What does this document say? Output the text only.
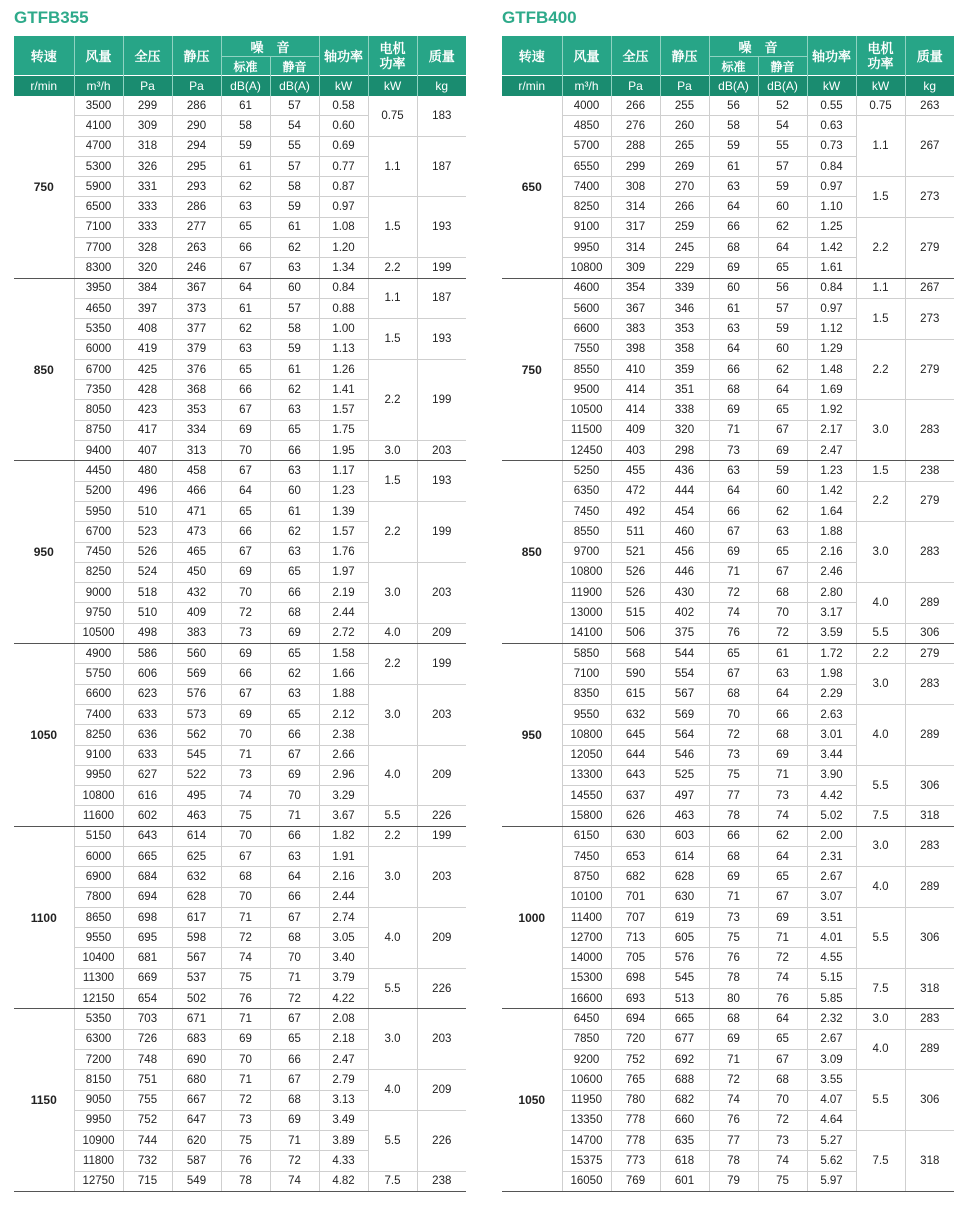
GTFB355
转速	风量	全压	静压	噪　音		轴功率	电机
功率	质量
				标准	静音			
r/min	m³/h	Pa	Pa	dB(A)	dB(A)	kW	kW	kg
750	3500	299	286	61	57	0.58	0.75	183
	4100	309	290	58	54	0.60		
	4700	318	294	59	55	0.69	1.1	187
	5300	326	295	61	57	0.77		
	5900	331	293	62	58	0.87		
	6500	333	286	63	59	0.97	1.5	193
	7100	333	277	65	61	1.08		
	7700	328	263	66	62	1.20		
	8300	320	246	67	63	1.34	2.2	199
850	3950	384	367	64	60	0.84	1.1	187
	4650	397	373	61	57	0.88		
	5350	408	377	62	58	1.00	1.5	193
	6000	419	379	63	59	1.13		
	6700	425	376	65	61	1.26	2.2	199
	7350	428	368	66	62	1.41		
	8050	423	353	67	63	1.57		
	8750	417	334	69	65	1.75		
	9400	407	313	70	66	1.95	3.0	203
950	4450	480	458	67	63	1.17	1.5	193
	5200	496	466	64	60	1.23		
	5950	510	471	65	61	1.39	2.2	199
	6700	523	473	66	62	1.57		
	7450	526	465	67	63	1.76		
	8250	524	450	69	65	1.97	3.0	203
	9000	518	432	70	66	2.19		
	9750	510	409	72	68	2.44		
	10500	498	383	73	69	2.72	4.0	209
1050	4900	586	560	69	65	1.58	2.2	199
	5750	606	569	66	62	1.66		
	6600	623	576	67	63	1.88	3.0	203
	7400	633	573	69	65	2.12		
	8250	636	562	70	66	2.38		
	9100	633	545	71	67	2.66	4.0	209
	9950	627	522	73	69	2.96		
	10800	616	495	74	70	3.29		
	11600	602	463	75	71	3.67	5.5	226
1100	5150	643	614	70	66	1.82	2.2	199
	6000	665	625	67	63	1.91	3.0	203
	6900	684	632	68	64	2.16		
	7800	694	628	70	66	2.44		
	8650	698	617	71	67	2.74	4.0	209
	9550	695	598	72	68	3.05		
	10400	681	567	74	70	3.40		
	11300	669	537	75	71	3.79	5.5	226
	12150	654	502	76	72	4.22		
1150	5350	703	671	71	67	2.08	3.0	203
	6300	726	683	69	65	2.18		
	7200	748	690	70	66	2.47		
	8150	751	680	71	67	2.79	4.0	209
	9050	755	667	72	68	3.13		
	9950	752	647	73	69	3.49	5.5	226
	10900	744	620	75	71	3.89		
	11800	732	587	76	72	4.33		
	12750	715	549	78	74	4.82	7.5	238
GTFB400
转速	风量	全压	静压	噪　音		轴功率	电机
功率	质量
				标准	静音			
r/min	m³/h	Pa	Pa	dB(A)	dB(A)	kW	kW	kg
650	4000	266	255	56	52	0.55	0.75	263
	4850	276	260	58	54	0.63	1.1	267
	5700	288	265	59	55	0.73		
	6550	299	269	61	57	0.84		
	7400	308	270	63	59	0.97	1.5	273
	8250	314	266	64	60	1.10		
	9100	317	259	66	62	1.25	2.2	279
	9950	314	245	68	64	1.42		
	10800	309	229	69	65	1.61		
750	4600	354	339	60	56	0.84	1.1	267
	5600	367	346	61	57	0.97	1.5	273
	6600	383	353	63	59	1.12		
	7550	398	358	64	60	1.29	2.2	279
	8550	410	359	66	62	1.48		
	9500	414	351	68	64	1.69		
	10500	414	338	69	65	1.92	3.0	283
	11500	409	320	71	67	2.17		
	12450	403	298	73	69	2.47		
850	5250	455	436	63	59	1.23	1.5	238
	6350	472	444	64	60	1.42	2.2	279
	7450	492	454	66	62	1.64		
	8550	511	460	67	63	1.88	3.0	283
	9700	521	456	69	65	2.16		
	10800	526	446	71	67	2.46		
	11900	526	430	72	68	2.80	4.0	289
	13000	515	402	74	70	3.17		
	14100	506	375	76	72	3.59	5.5	306
950	5850	568	544	65	61	1.72	2.2	279
	7100	590	554	67	63	1.98	3.0	283
	8350	615	567	68	64	2.29		
	9550	632	569	70	66	2.63	4.0	289
	10800	645	564	72	68	3.01		
	12050	644	546	73	69	3.44		
	13300	643	525	75	71	3.90	5.5	306
	14550	637	497	77	73	4.42		
	15800	626	463	78	74	5.02	7.5	318
1000	6150	630	603	66	62	2.00	3.0	283
	7450	653	614	68	64	2.31		
	8750	682	628	69	65	2.67	4.0	289
	10100	701	630	71	67	3.07		
	11400	707	619	73	69	3.51	5.5	306
	12700	713	605	75	71	4.01		
	14000	705	576	76	72	4.55		
	15300	698	545	78	74	5.15	7.5	318
	16600	693	513	80	76	5.85		
1050	6450	694	665	68	64	2.32	3.0	283
	7850	720	677	69	65	2.67	4.0	289
	9200	752	692	71	67	3.09		
	10600	765	688	72	68	3.55	5.5	306
	11950	780	682	74	70	4.07		
	13350	778	660	76	72	4.64		
	14700	778	635	77	73	5.27	7.5	318
	15375	773	618	78	74	5.62		
	16050	769	601	79	75	5.97		
